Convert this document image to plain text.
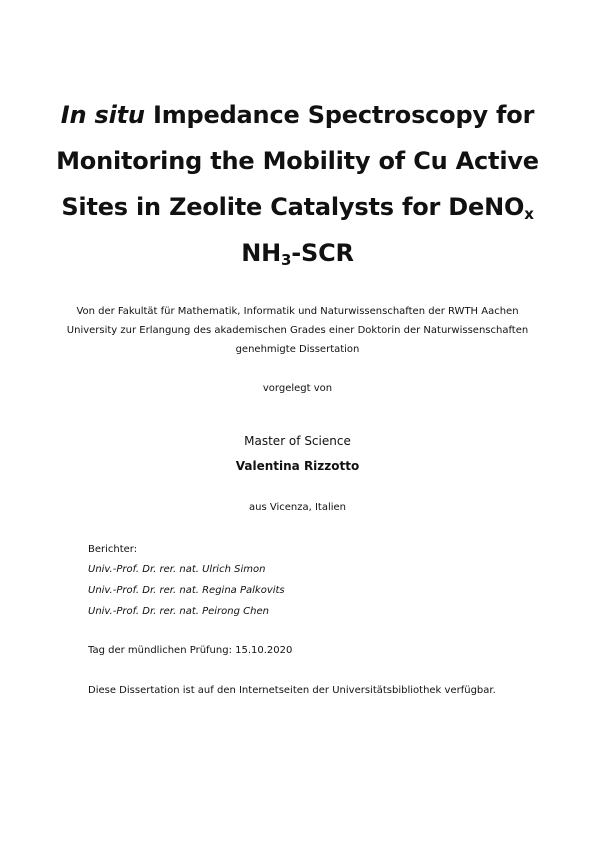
In situ Impedance Spectroscopy for
Monitoring the Mobility of Cu Active
Sites in Zeolite Catalysts for DeNO$_x$
$NH_3$-SCR
Von der Fakultät für Mathematik, Informatik und Naturwissenschaften der RWTH Aachen
University zur Erlangung des akademischen Grades einer Doktorin der Naturwissenschaften
genehmigte Dissertation
vorgelegt von
Master of Science
Valentina Rizzotto
aus Vicenza, Italien
Berichter:
Univ.-Prof. Dr. rer. nat. Ulrich Simon
Univ.-Prof. Dr. rer. nat. Regina Palkovits
Univ.-Prof. Dr. rer. nat. Peirong Chen
Tag der mündlichen Prüfung: 15.10.2020
Diese Dissertation ist auf den Internetseiten der Universitätsbibliothek verfügbar.
